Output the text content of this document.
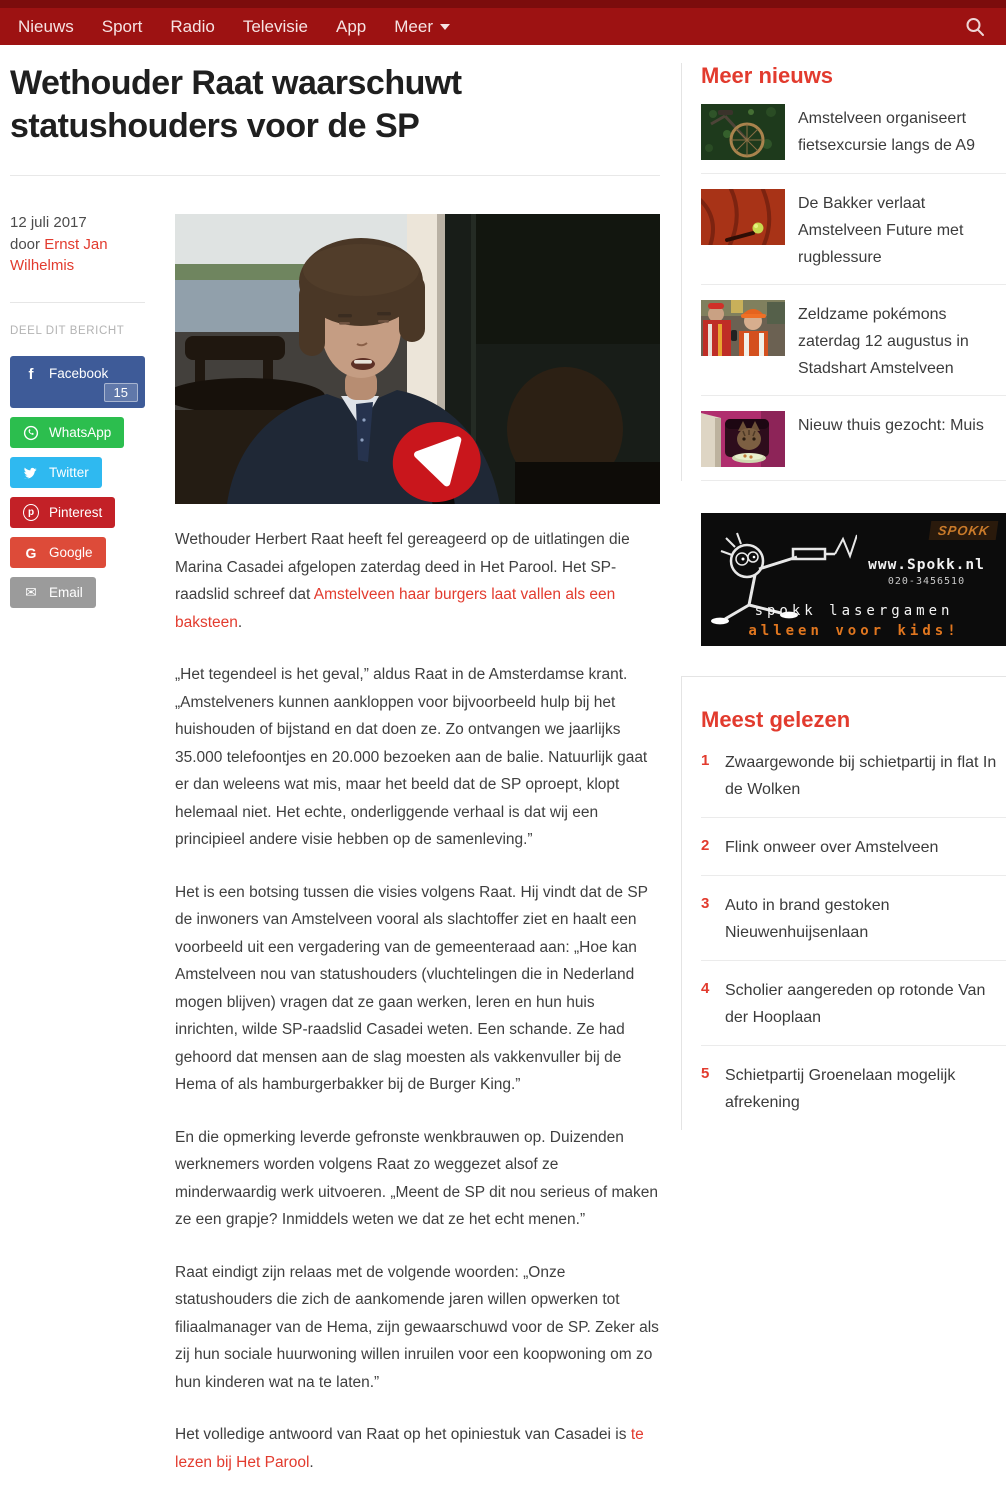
Nieuws Sport Radio Televisie App Meer
Wethouder Raat waarschuwt statushouders voor de SP
12 juli 2017
door Ernst Jan Wilhelmis
DEEL DIT BERICHT
f	Facebook
15
WhatsApp
Twitter
p	Pinterest
G Google
✉ Email

Wethouder Herbert Raat heeft fel gereageerd op de uitlatingen die Marina Casadei afgelopen zaterdag deed in Het Parool. Het SP-raadslid schreef dat Amstelveen haar burgers laat vallen als een baksteen.

„Het tegendeel is het geval,” aldus Raat in de Amsterdamse krant. „Amstelveners kunnen aankloppen voor bijvoorbeeld hulp bij het huishouden of bijstand en dat doen ze. Zo ontvangen we jaarlijks 35.000 telefoontjes en 20.000 bezoeken aan de balie. Natuurlijk gaat er dan weleens wat mis, maar het beeld dat de SP oproept, klopt helemaal niet. Het echte, onderliggende verhaal is dat wij een principieel andere visie hebben op de samenleving.”

Het is een botsing tussen die visies volgens Raat. Hij vindt dat de SP de inwoners van Amstelveen vooral als slachtoffer ziet en haalt een voorbeeld uit een vergadering van de gemeenteraad aan: „Hoe kan Amstelveen nou van statushouders (vluchtelingen die in Nederland mogen blijven) vragen dat ze gaan werken, leren en hun huis inrichten, wilde SP-raadslid Casadei weten. Een schande. Ze had gehoord dat mensen aan de slag moesten als vakkenvuller bij de Hema of als hamburgerbakker bij de Burger King.”

En die opmerking leverde gefronste wenkbrauwen op. Duizenden werknemers worden volgens Raat zo weggezet alsof ze minderwaardig werk uitvoeren. „Meent de SP dit nou serieus of maken ze een grapje? Inmiddels weten we dat ze het echt menen.”

Raat eindigt zijn relaas met de volgende woorden: „Onze statushouders die zich de aankomende jaren willen opwerken tot filiaalmanager van de Hema, zijn gewaarschuwd voor de SP. Zeker als zij hun sociale huurwoning willen inruilen voor een koopwoning om zo hun kinderen wat na te laten.”

Het volledige antwoord van Raat op het opiniestuk van Casadei is te lezen bij Het Parool.

Meer nieuws
Amstelveen organiseert fietsexcursie langs de A9
De Bakker verlaat Amstelveen Future met rugblessure
Zeldzame pokémons zaterdag 12 augustus in Stadshart Amstelveen
Nieuw thuis gezocht: Muis
SPOKK
www.Spokk.nl
020-3456510
spokk lasergamen
alleen voor kids!
Meest gelezen
1 Zwaargewonde bij schietpartij in flat In de Wolken
2 Flink onweer over Amstelveen
3 Auto in brand gestoken Nieuwenhuijsenlaan
4 Scholier aangereden op rotonde Van der Hooplaan
5 Schietpartij Groenelaan mogelijk afrekening
